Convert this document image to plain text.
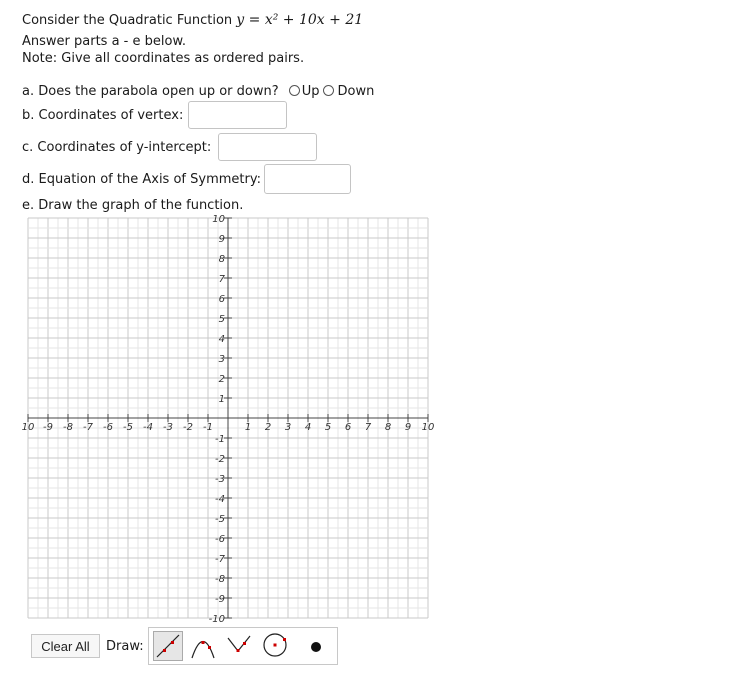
Consider the Quadratic Function y = x² + 10x + 21
Answer parts a - e below.
Note: Give all coordinates as ordered pairs.
a. Does the parabola open up or down? Up Down
b. Coordinates of vertex:
c. Coordinates of y-intercept:
d. Equation of the Axis of Symmetry:
e. Draw the graph of the function.
10 -9 -8 -7 -6 -5 -4 -3 -2 -1	1 2 3 4 5 6 7 8 9 10
10
9
8
7
6
5
4
3
2
1
-1
-2
-3
-4
-5
-6
-7
-8
-9
-10
Clear All	Draw:
